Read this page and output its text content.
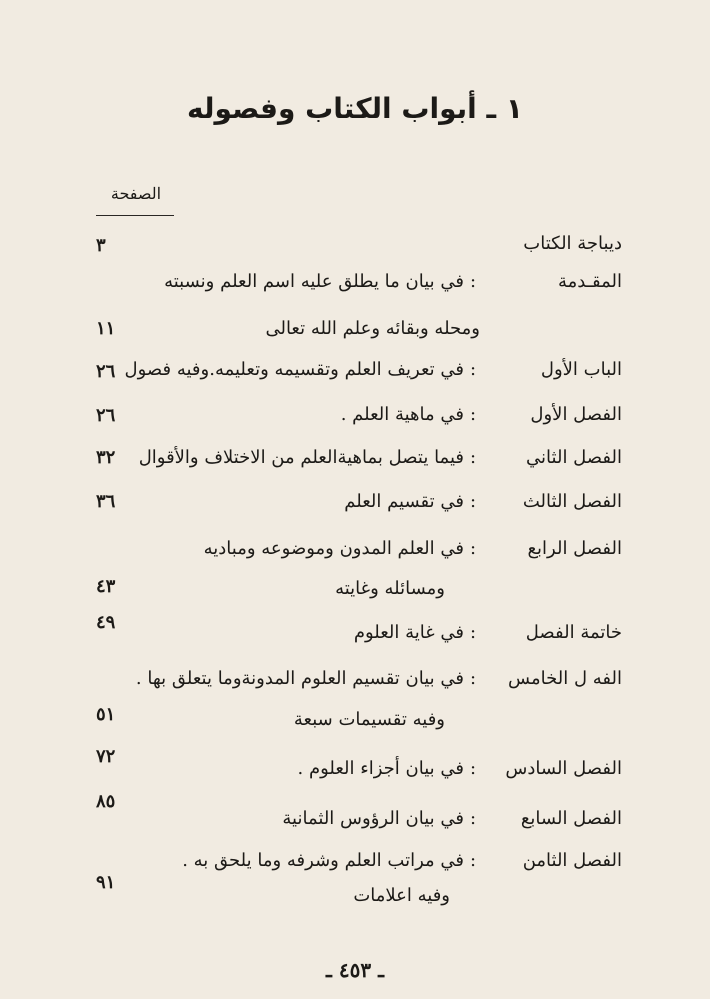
١ ـ أبواب الكتاب وفصوله
الصفحة
ديباجة الكتاب
٣
المقـدمة:في بيان ما يطلق عليه اسم العلم ونسبته
ومحله وبقائه وعلم الله تعالى
١١
الباب الأول:في تعريف العلم وتقسيمه وتعليمه.وفيه فصول
٢٦
الفصل الأول:في ماهية العلم .
٢٦
الفصل الثاني:فيما يتصل بماهيةالعلم من الاختلاف والأقوال
٣٢
الفصل الثالث:في تقسيم العلم
٣٦
الفصل الرابع:في العلم المدون وموضوعه ومباديه
ومسائله وغايته
٤٣
خاتمة الفصل:في غاية العلوم
٤٩
الفه ل الخامس:في بيان تقسيم العلوم المدونةوما يتعلق بها .
وفيه تقسيمات سبعة
٥١
الفصل السادس:في بيان أجزاء العلوم .
٧٢
الفصل السابع:في بيان الرؤوس الثمانية
٨٥
الفصل الثامن:في مراتب العلم وشرفه وما يلحق به .
وفيه اعلامات
٩١
ـ ٤٥٣ ـ
